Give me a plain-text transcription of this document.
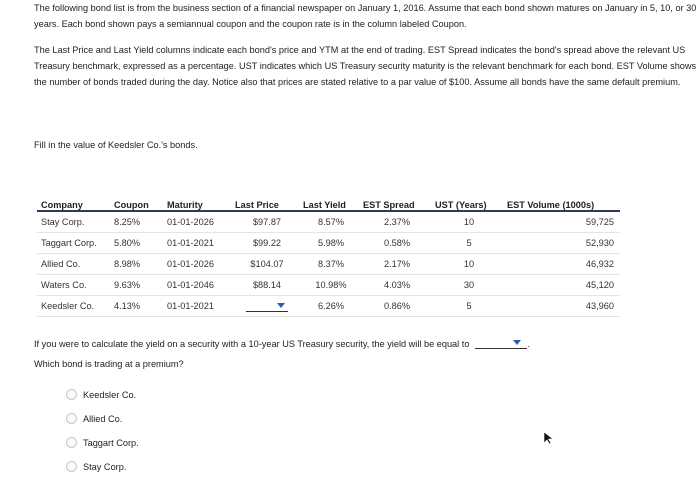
The following bond list is from the business section of a financial newspaper on January 1, 2016. Assume that each bond shown matures on January in 5, 10, or 30 years. Each bond shown pays a semiannual coupon and the coupon rate is in the column labeled Coupon.

The Last Price and Last Yield columns indicate each bond's price and YTM at the end of trading. EST Spread indicates the bond's spread above the relevant US Treasury benchmark, expressed as a percentage. UST indicates which US Treasury security maturity is the relevant benchmark for each bond. EST Volume shows the number of bonds traded during the day. Notice also that prices are stated relative to a par value of $100. Assume all bonds have the same default premium.

Fill in the value of Keedsler Co.'s bonds.

Company	Coupon	Maturity	Last Price	Last Yield	EST Spread	UST (Years)	EST Volume (1000s)
Stay Corp.	8.25%	01-01-2026	$97.87	8.57%	2.37%	10	59,725
Taggart Corp.	5.80%	01-01-2021	$99.22	5.98%	0.58%	5	52,930
Allied Co.	8.98%	01-01-2026	$104.07	8.37%	2.17%	10	46,932
Waters Co.	9.63%	01-01-2046	$88.14	10.98%	4.03%	30	45,120
Keedsler Co.	4.13%	01-01-2021		6.26%	0.86%	5	43,960
If you were to calculate the yield on a security with a 10-year US Treasury security, the yield will be equal to	.
Which bond is trading at a premium?
Keedsler Co.
Allied Co.
Taggart Corp.
Stay Corp.
